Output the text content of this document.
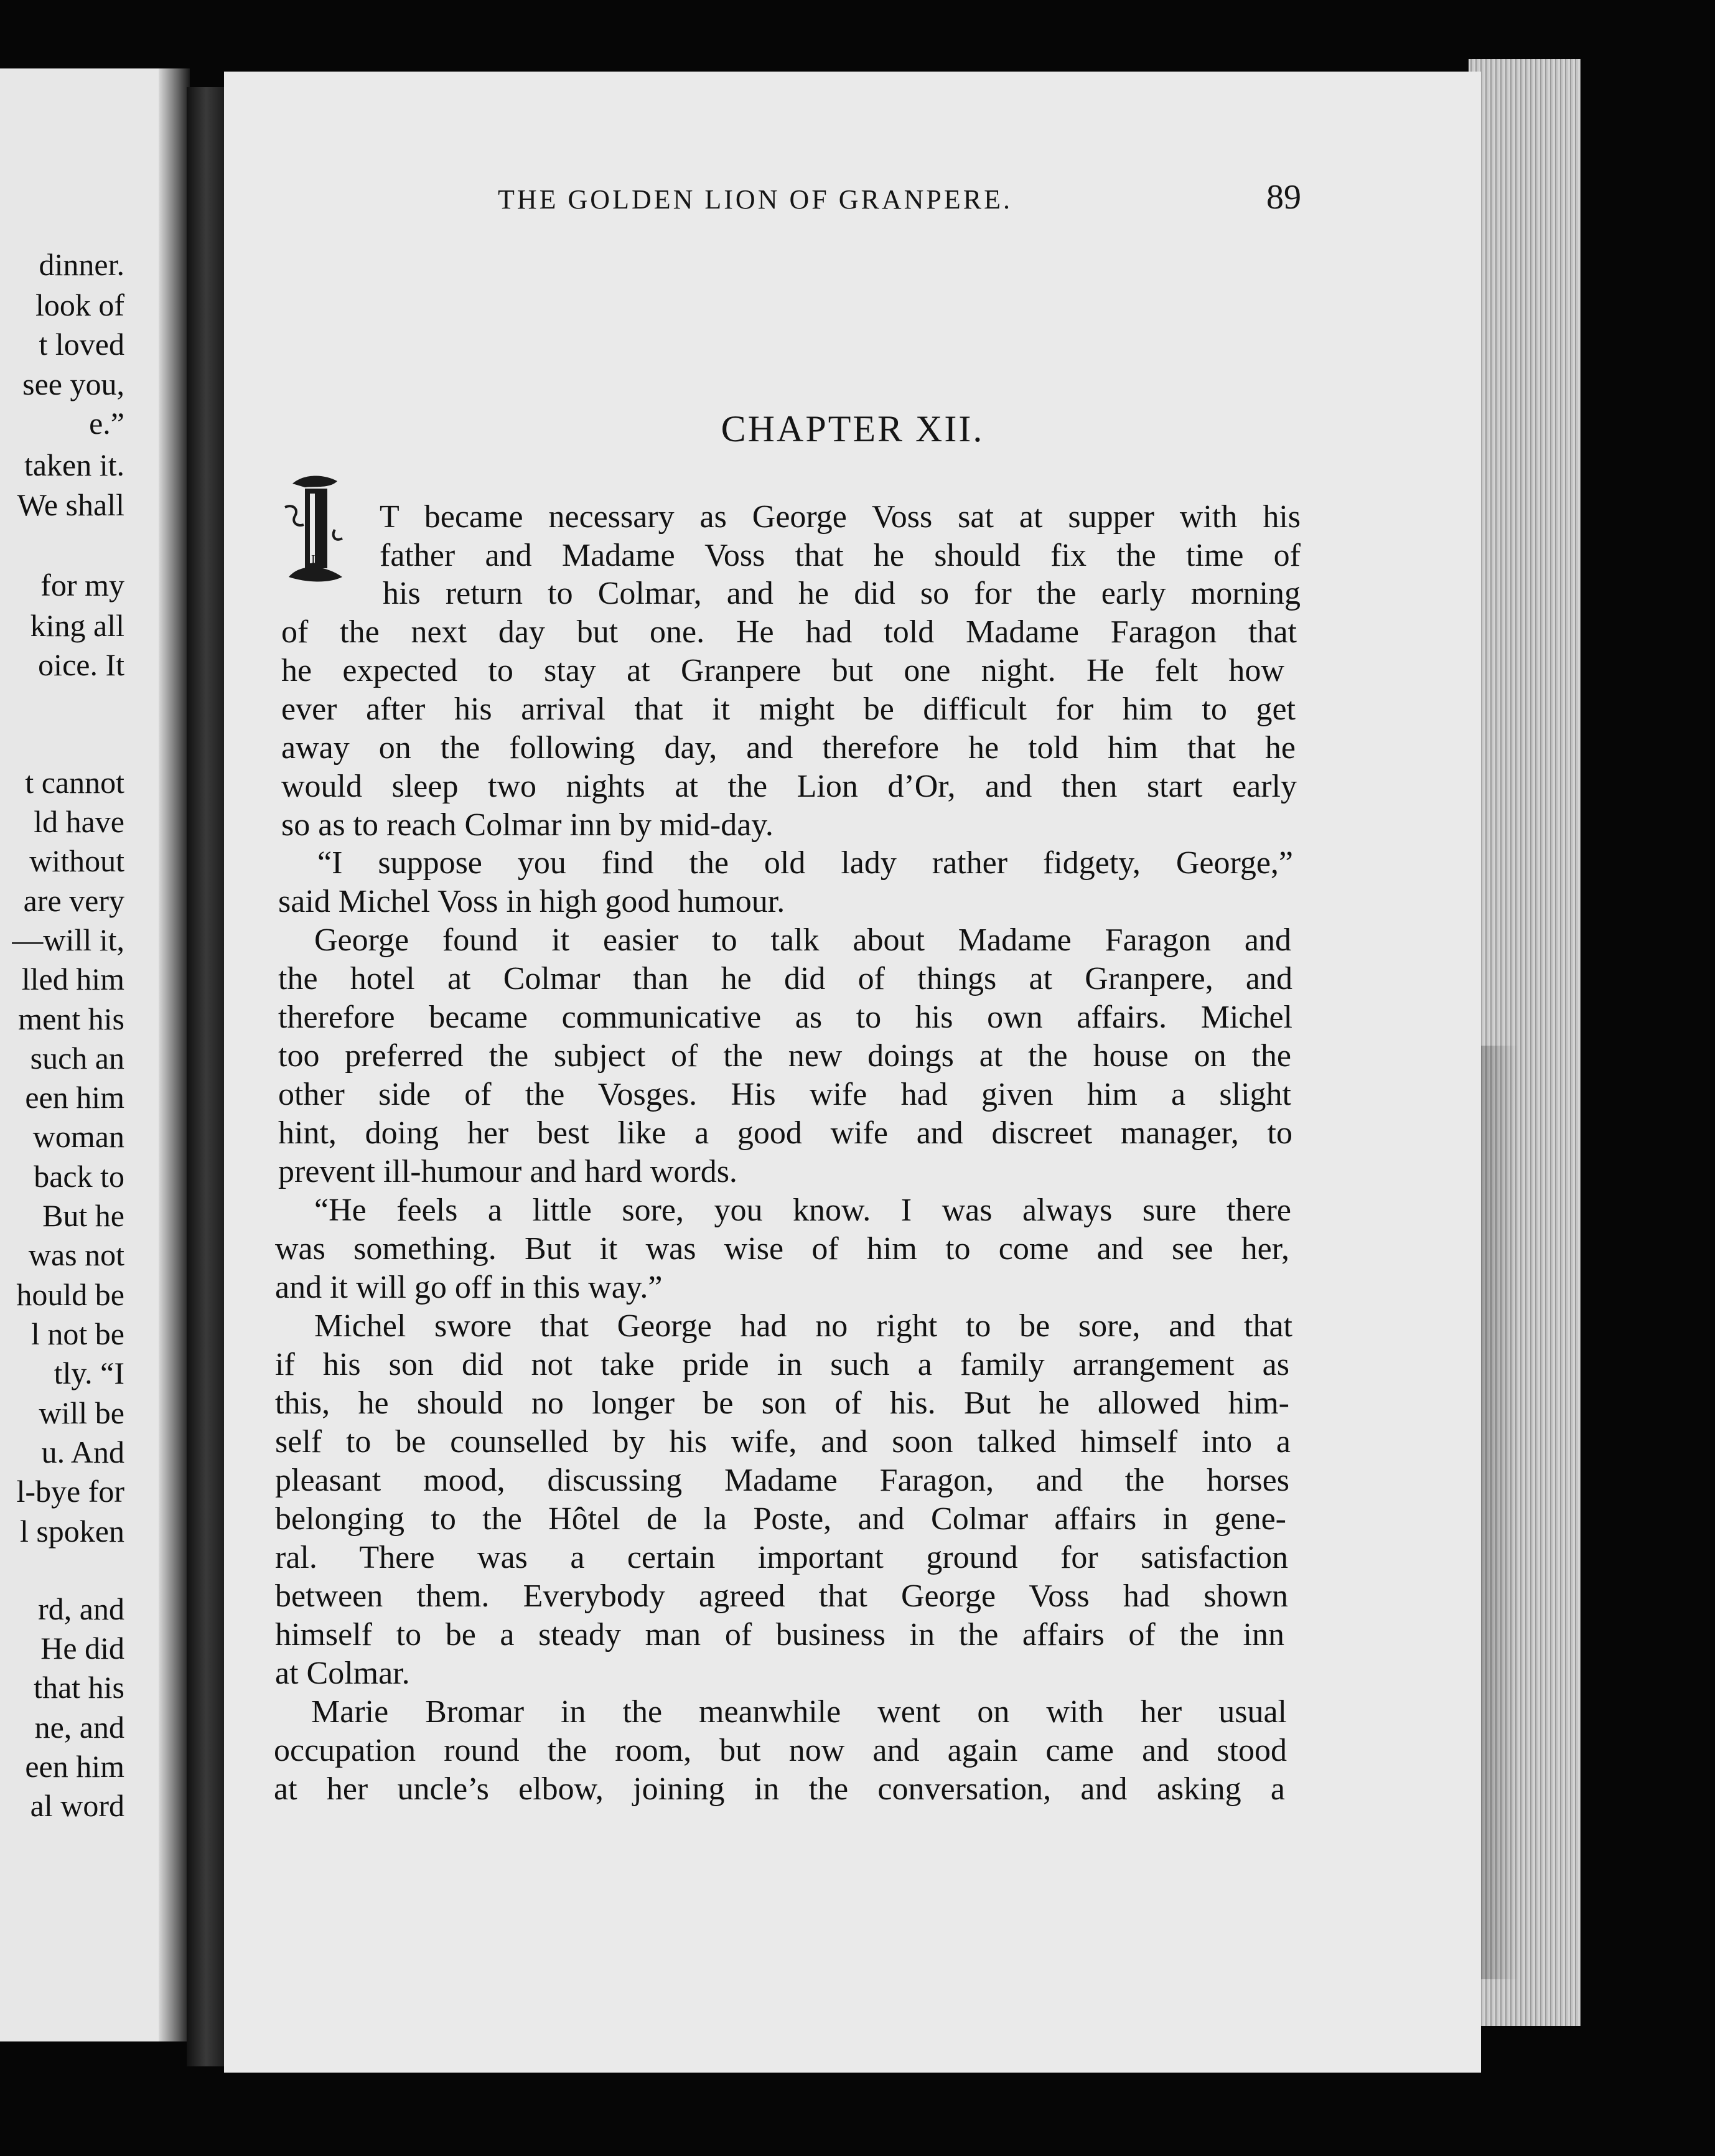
dinner.
look of
t loved
see you,
e.”
taken it.
We shall
for my
king all
oice. It
t cannot
ld have
without
are very
—will it,
lled him
ment his
such an
een him
woman
back to
But he
was not
hould be
l not be
tly. “I
will be
u. And
l-bye for
l spoken
rd, and
He did
that his
ne, and
een him
al word
THE GOLDEN LION OF GRANPERE.	89
CHAPTER XII.
I
T became necessary as George Voss sat at supper with his
father and Madame Voss that he should fix the time of
his return to Colmar, and he did so for the early morning
of the next day but one. He had told Madame Faragon that
he expected to stay at Granpere but one night. He felt how
ever after his arrival that it might be difficult for him to get
away on the following day, and therefore he told him that he
would sleep two nights at the Lion d’Or, and then start early
so as to reach Colmar inn by mid-day.
“I suppose you find the old lady rather fidgety, George,”
said Michel Voss in high good humour.
George found it easier to talk about Madame Faragon and
the hotel at Colmar than he did of things at Granpere, and
therefore became communicative as to his own affairs. Michel
too preferred the subject of the new doings at the house on the
other side of the Vosges. His wife had given him a slight
hint, doing her best like a good wife and discreet manager, to
prevent ill-humour and hard words.
“He feels a little sore, you know. I was always sure there
was something. But it was wise of him to come and see her,
and it will go off in this way.”
Michel swore that George had no right to be sore, and that
if his son did not take pride in such a family arrangement as
this, he should no longer be son of his. But he allowed him-
self to be counselled by his wife, and soon talked himself into a
pleasant mood, discussing Madame Faragon, and the horses
belonging to the Hôtel de la Poste, and Colmar affairs in gene-
ral. There was a certain important ground for satisfaction
between them. Everybody agreed that George Voss had shown
himself to be a steady man of business in the affairs of the inn
at Colmar.
Marie Bromar in the meanwhile went on with her usual
occupation round the room, but now and again came and stood
at her uncle’s elbow, joining in the conversation, and asking a
